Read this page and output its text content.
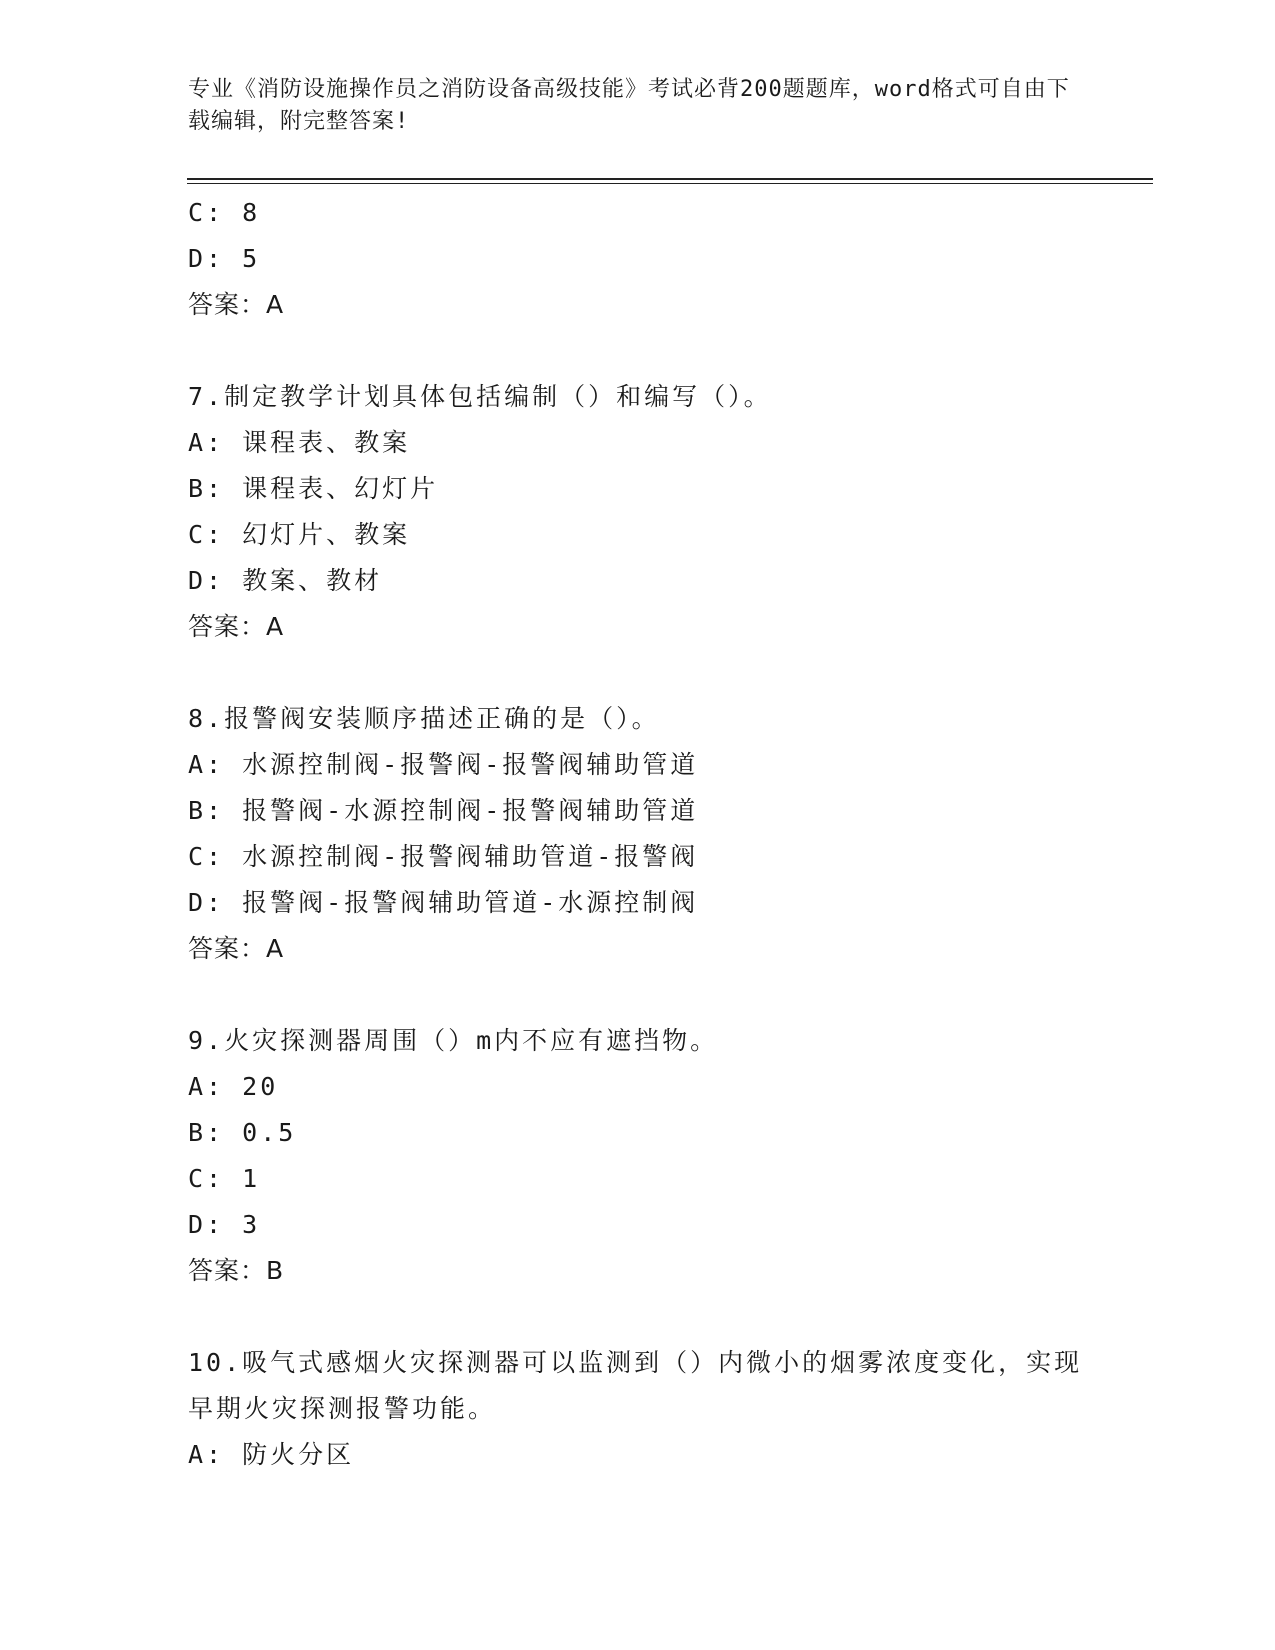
专业《消防设施操作员之消防设备高级技能》考试必背200题题库，word格式可自由下载编辑，附完整答案!
C: 8
D: 5
答案：A
7.制定教学计划具体包括编制（）和编写（）。
A: 课程表、教案
B: 课程表、幻灯片
C: 幻灯片、教案
D: 教案、教材
答案：A
8.报警阀安装顺序描述正确的是（）。
A: 水源控制阀-报警阀-报警阀辅助管道
B: 报警阀-水源控制阀-报警阀辅助管道
C: 水源控制阀-报警阀辅助管道-报警阀
D: 报警阀-报警阀辅助管道-水源控制阀
答案：A
9.火灾探测器周围（）m内不应有遮挡物。
A: 20
B: 0.5
C: 1
D: 3
答案：B
10.吸气式感烟火灾探测器可以监测到（）内微小的烟雾浓度变化，实现早期火灾探测报警功能。
A: 防火分区
